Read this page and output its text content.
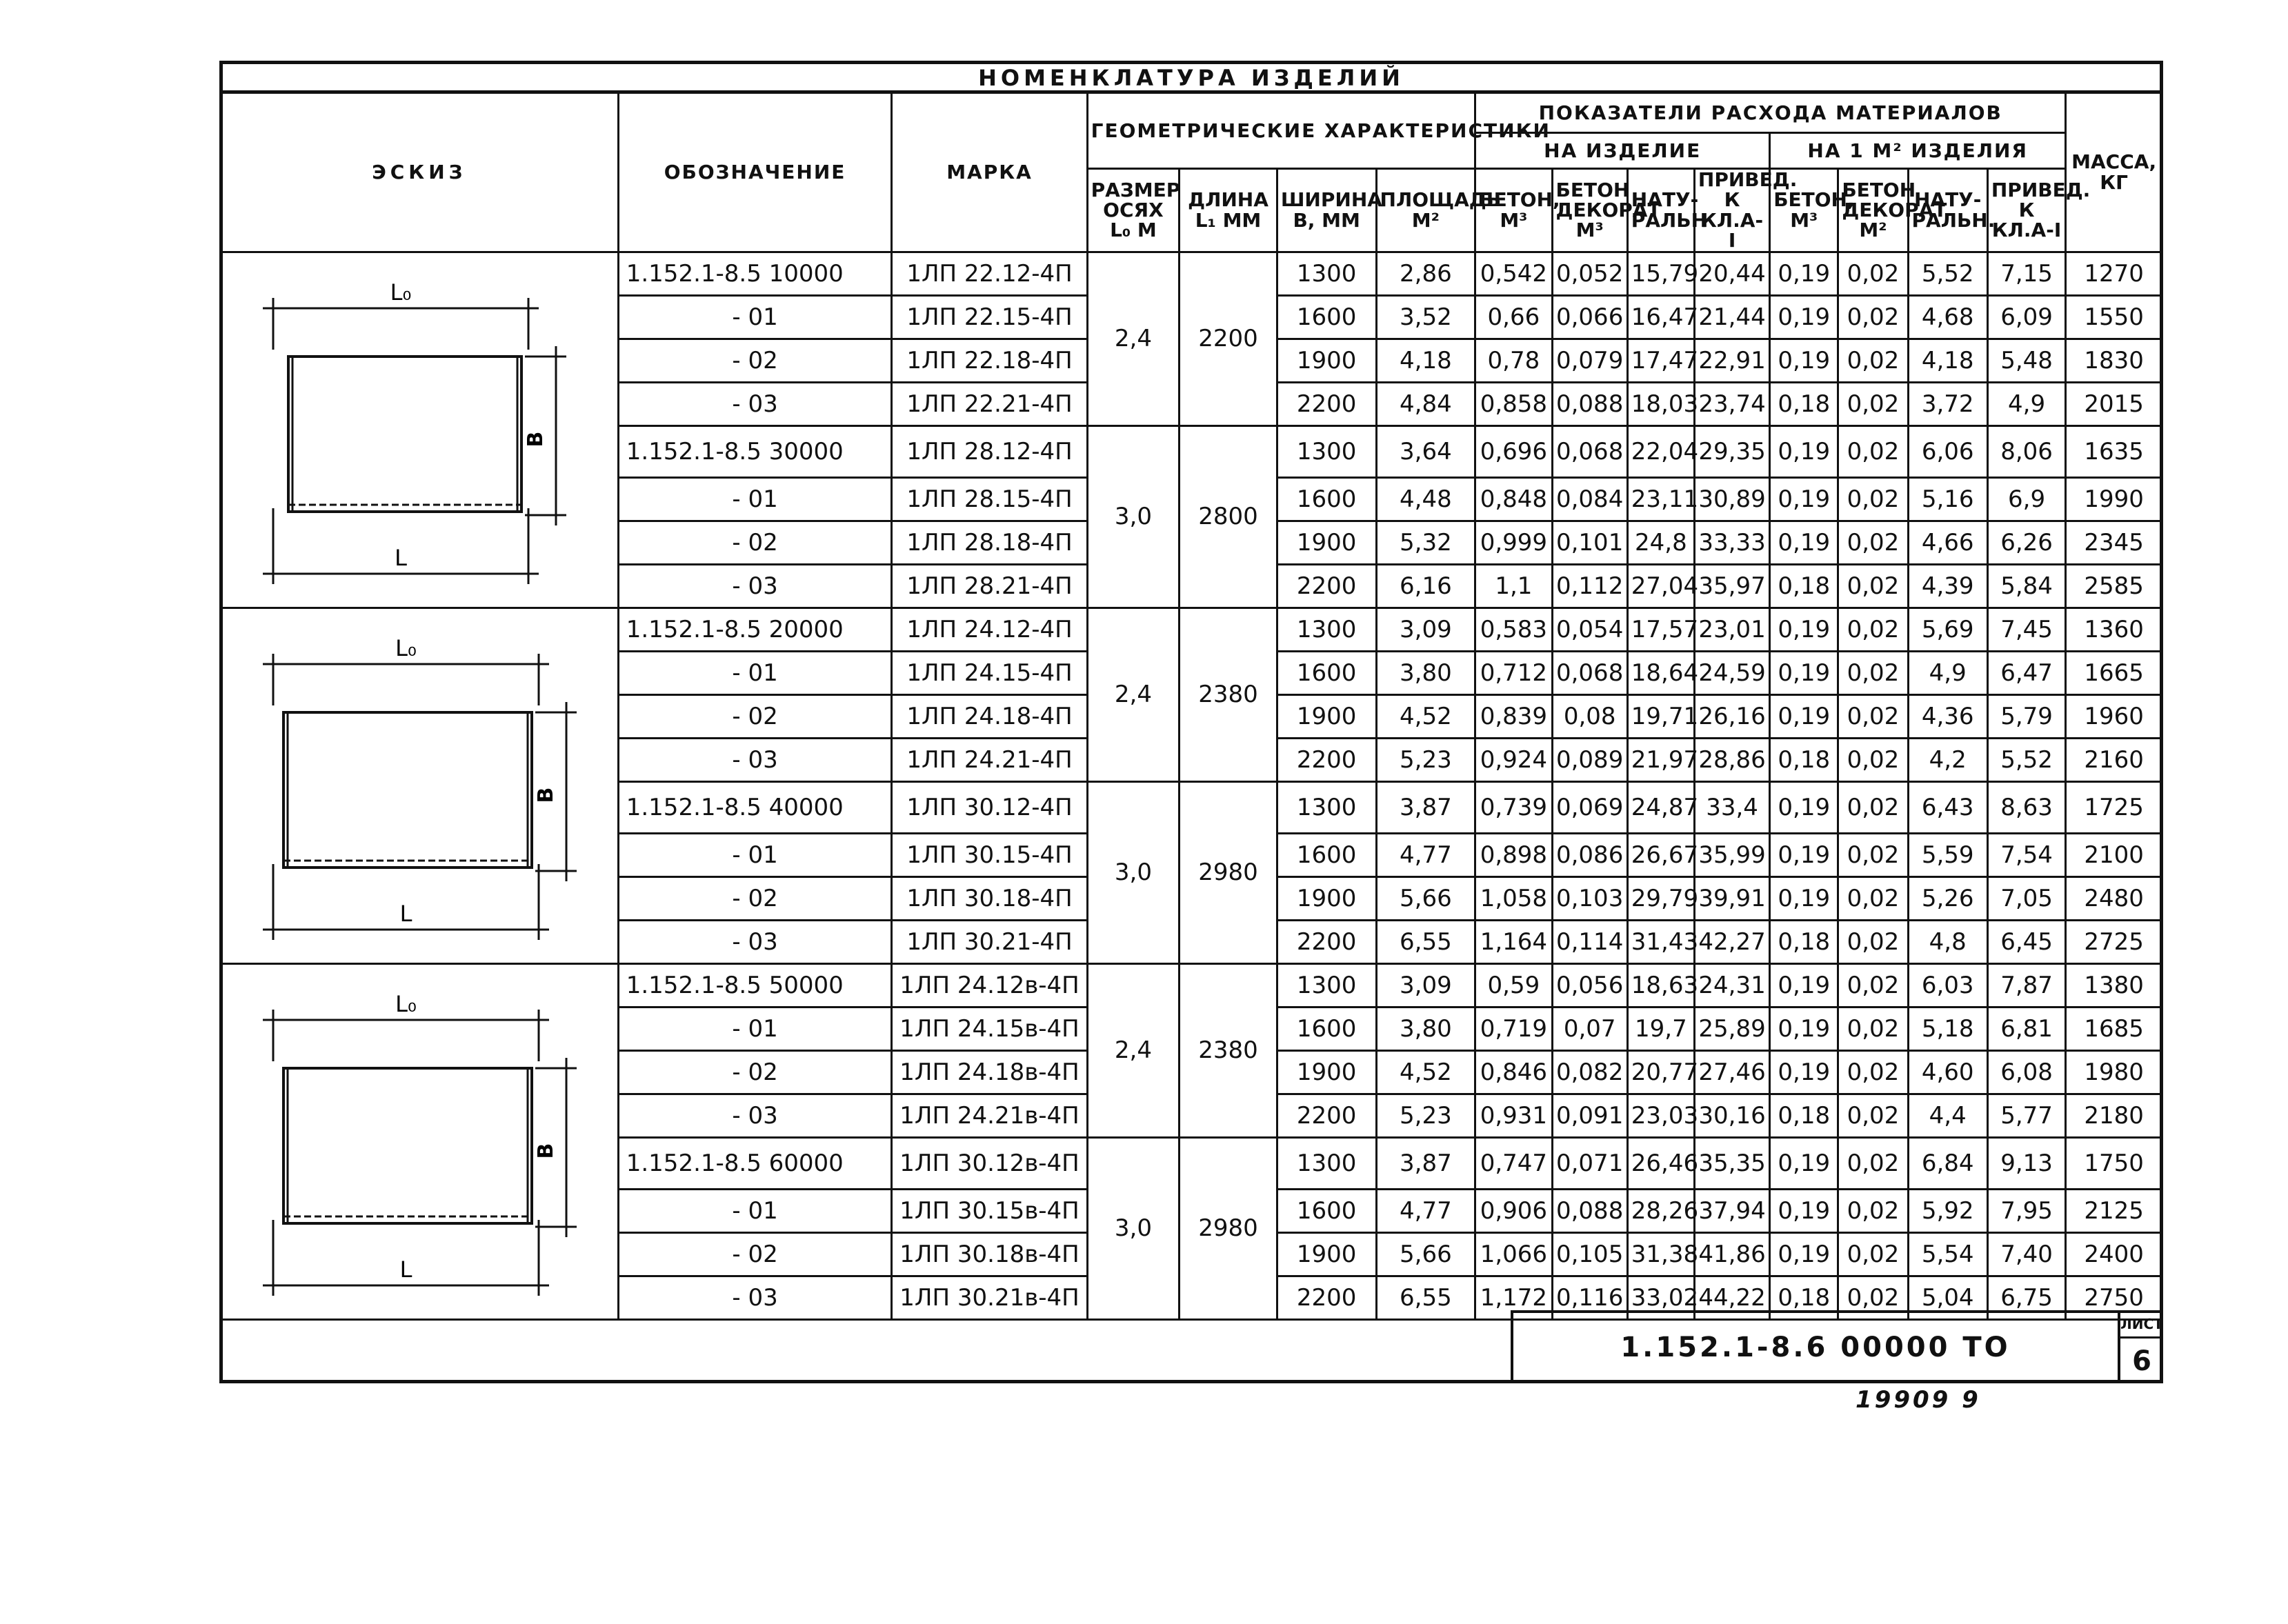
НОМЕНКЛАТУРА ИЗДЕЛИЙ
ЭСКИЗ	ОБОЗНАЧЕНИЕ	МАРКА	ГЕОМЕТРИЧЕСКИЕ ХАРАКТЕРИСТИКИ				ПОКАЗАТЕЛИ РАСХОДА МАТЕРИАЛОВ								МАССА, КГ
							НА ИЗДЕЛИЕ				НА 1 М² ИЗДЕЛИЯ				
			РАЗМЕР ОСЯХ L₀ М	ДЛИНА L₁ ММ	ШИРИНА B, ММ	ПЛОЩАДЬ М²	БЕТОН, М³	БЕТОН ДЕКОРАТ М³	НАТУ- РАЛЬН	ПРИВЕД. К КЛ.А-I	БЕТОН, М³	БЕТОН ДЕКОРАТ М²	НАТУ- РАЛЬН.	ПРИВЕД. К КЛ.А-I	

L₀
L
B	1.152.1-8.5 10000	1ЛП 22.12-4П	2,4	2200	1300	2,86	0,542	0,052	15,79	20,44	0,19	0,02	5,52	7,15	1270
	- 01	1ЛП 22.15-4П			1600	3,52	0,66	0,066	16,47	21,44	0,19	0,02	4,68	6,09	1550
	- 02	1ЛП 22.18-4П			1900	4,18	0,78	0,079	17,47	22,91	0,19	0,02	4,18	5,48	1830
	- 03	1ЛП 22.21-4П			2200	4,84	0,858	0,088	18,03	23,74	0,18	0,02	3,72	4,9	2015
	1.152.1-8.5 30000	1ЛП 28.12-4П	3,0	2800	1300	3,64	0,696	0,068	22,04	29,35	0,19	0,02	6,06	8,06	1635
	- 01	1ЛП 28.15-4П			1600	4,48	0,848	0,084	23,11	30,89	0,19	0,02	5,16	6,9	1990
	- 02	1ЛП 28.18-4П			1900	5,32	0,999	0,101	24,8	33,33	0,19	0,02	4,66	6,26	2345
	- 03	1ЛП 28.21-4П			2200	6,16	1,1	0,112	27,04	35,97	0,18	0,02	4,39	5,84	2585

L₀
L
B	1.152.1-8.5 20000	1ЛП 24.12-4П	2,4	2380	1300	3,09	0,583	0,054	17,57	23,01	0,19	0,02	5,69	7,45	1360
	- 01	1ЛП 24.15-4П			1600	3,80	0,712	0,068	18,64	24,59	0,19	0,02	4,9	6,47	1665
	- 02	1ЛП 24.18-4П			1900	4,52	0,839	0,08	19,71	26,16	0,19	0,02	4,36	5,79	1960
	- 03	1ЛП 24.21-4П			2200	5,23	0,924	0,089	21,97	28,86	0,18	0,02	4,2	5,52	2160
	1.152.1-8.5 40000	1ЛП 30.12-4П	3,0	2980	1300	3,87	0,739	0,069	24,87	33,4	0,19	0,02	6,43	8,63	1725
	- 01	1ЛП 30.15-4П			1600	4,77	0,898	0,086	26,67	35,99	0,19	0,02	5,59	7,54	2100
	- 02	1ЛП 30.18-4П			1900	5,66	1,058	0,103	29,79	39,91	0,19	0,02	5,26	7,05	2480
	- 03	1ЛП 30.21-4П			2200	6,55	1,164	0,114	31,43	42,27	0,18	0,02	4,8	6,45	2725

L₀
L
B	1.152.1-8.5 50000	1ЛП 24.12в-4П	2,4	2380	1300	3,09	0,59	0,056	18,63	24,31	0,19	0,02	6,03	7,87	1380
	- 01	1ЛП 24.15в-4П			1600	3,80	0,719	0,07	19,7	25,89	0,19	0,02	5,18	6,81	1685
	- 02	1ЛП 24.18в-4П			1900	4,52	0,846	0,082	20,77	27,46	0,19	0,02	4,60	6,08	1980
	- 03	1ЛП 24.21в-4П			2200	5,23	0,931	0,091	23,03	30,16	0,18	0,02	4,4	5,77	2180
	1.152.1-8.5 60000	1ЛП 30.12в-4П	3,0	2980	1300	3,87	0,747	0,071	26,46	35,35	0,19	0,02	6,84	9,13	1750
	- 01	1ЛП 30.15в-4П			1600	4,77	0,906	0,088	28,26	37,94	0,19	0,02	5,92	7,95	2125
	- 02	1ЛП 30.18в-4П			1900	5,66	1,066	0,105	31,38	41,86	0,19	0,02	5,54	7,40	2400
	- 03	1ЛП 30.21в-4П			2200	6,55	1,172	0,116	33,02	44,22	0,18	0,02	5,04	6,75	2750
1.152.1-8.6 00000 ТО
ЛИСТ
6
19909 9
